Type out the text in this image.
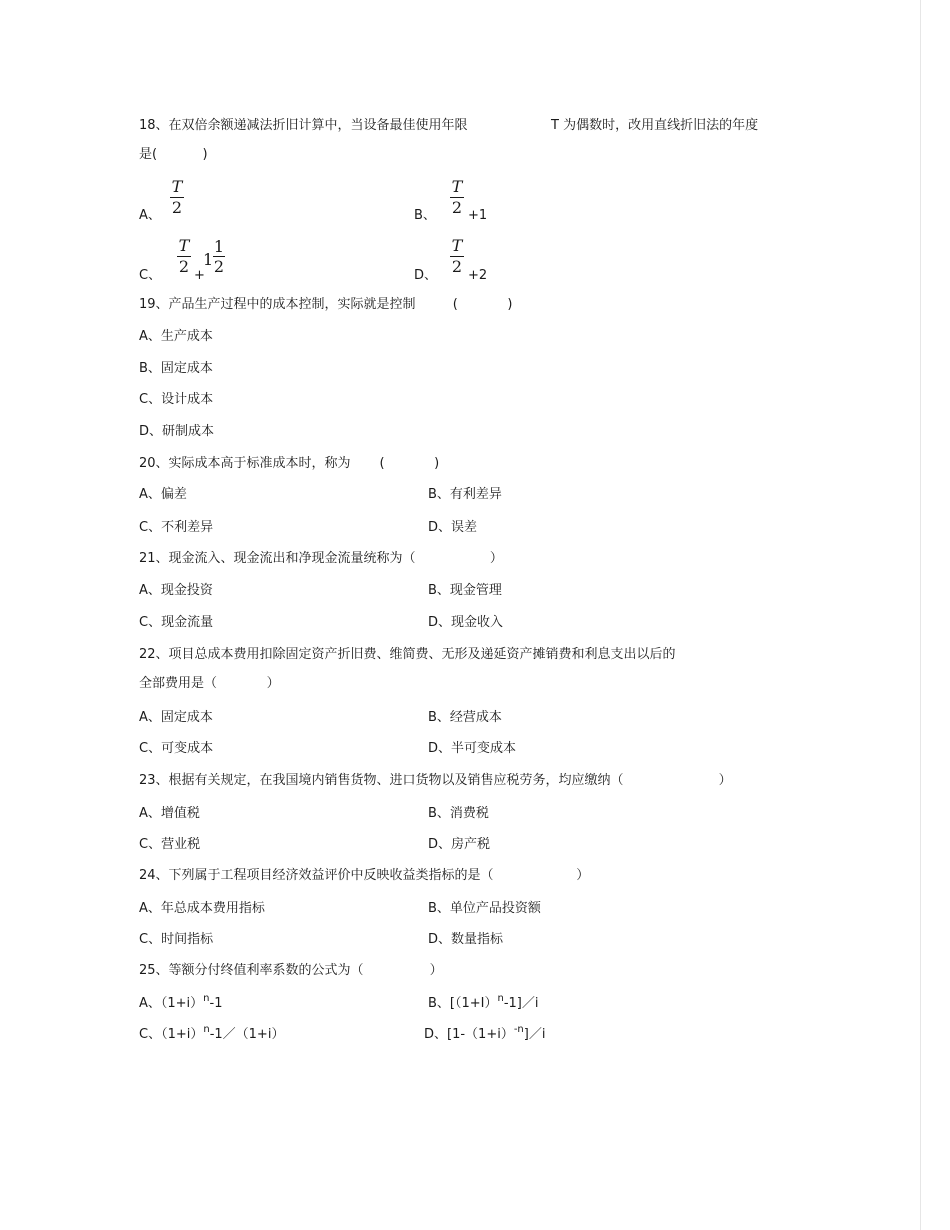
18、在双倍余额递减法折旧计算中，当设备最佳使用年限	T 为偶数时，改用直线折旧法的年度
是(           )
A、
T
2	B、
T
2 +1
C、
T
2 +
1
1
2	D、
T
2 +2
19、产品生产过程中的成本控制，实际就是控制         (            )
A、生产成本
B、固定成本
C、设计成本
D、研制成本
20、实际成本高于标准成本时，称为       (            )
A、偏差	B、有利差异
C、不利差异	D、误差
21、现金流入、现金流出和净现金流量统称为（                  ）
A、现金投资	B、现金管理
C、现金流量	D、现金收入
22、项目总成本费用扣除固定资产折旧费、维简费、无形及递延资产摊销费和利息支出以后的
全部费用是（            ）
A、固定成本	B、经营成本
C、可变成本	D、半可变成本
23、根据有关规定，在我国境内销售货物、进口货物以及销售应税劳务，均应缴纳（                       ）
A、增值税	B、消费税
C、营业税	D、房产税
24、下列属于工程项目经济效益评价中反映收益类指标的是（                    ）
A、年总成本费用指标	B、单位产品投资额
C、时间指标	D、数量指标
25、等额分付终值利率系数的公式为（                ）
A、$(1+i)^n-1$	B、$[(1+I)^n-1]/i$
C、$(1+i)^n-1/(1+i)$	D、$[1-(1+i)^{-n}]/i$
